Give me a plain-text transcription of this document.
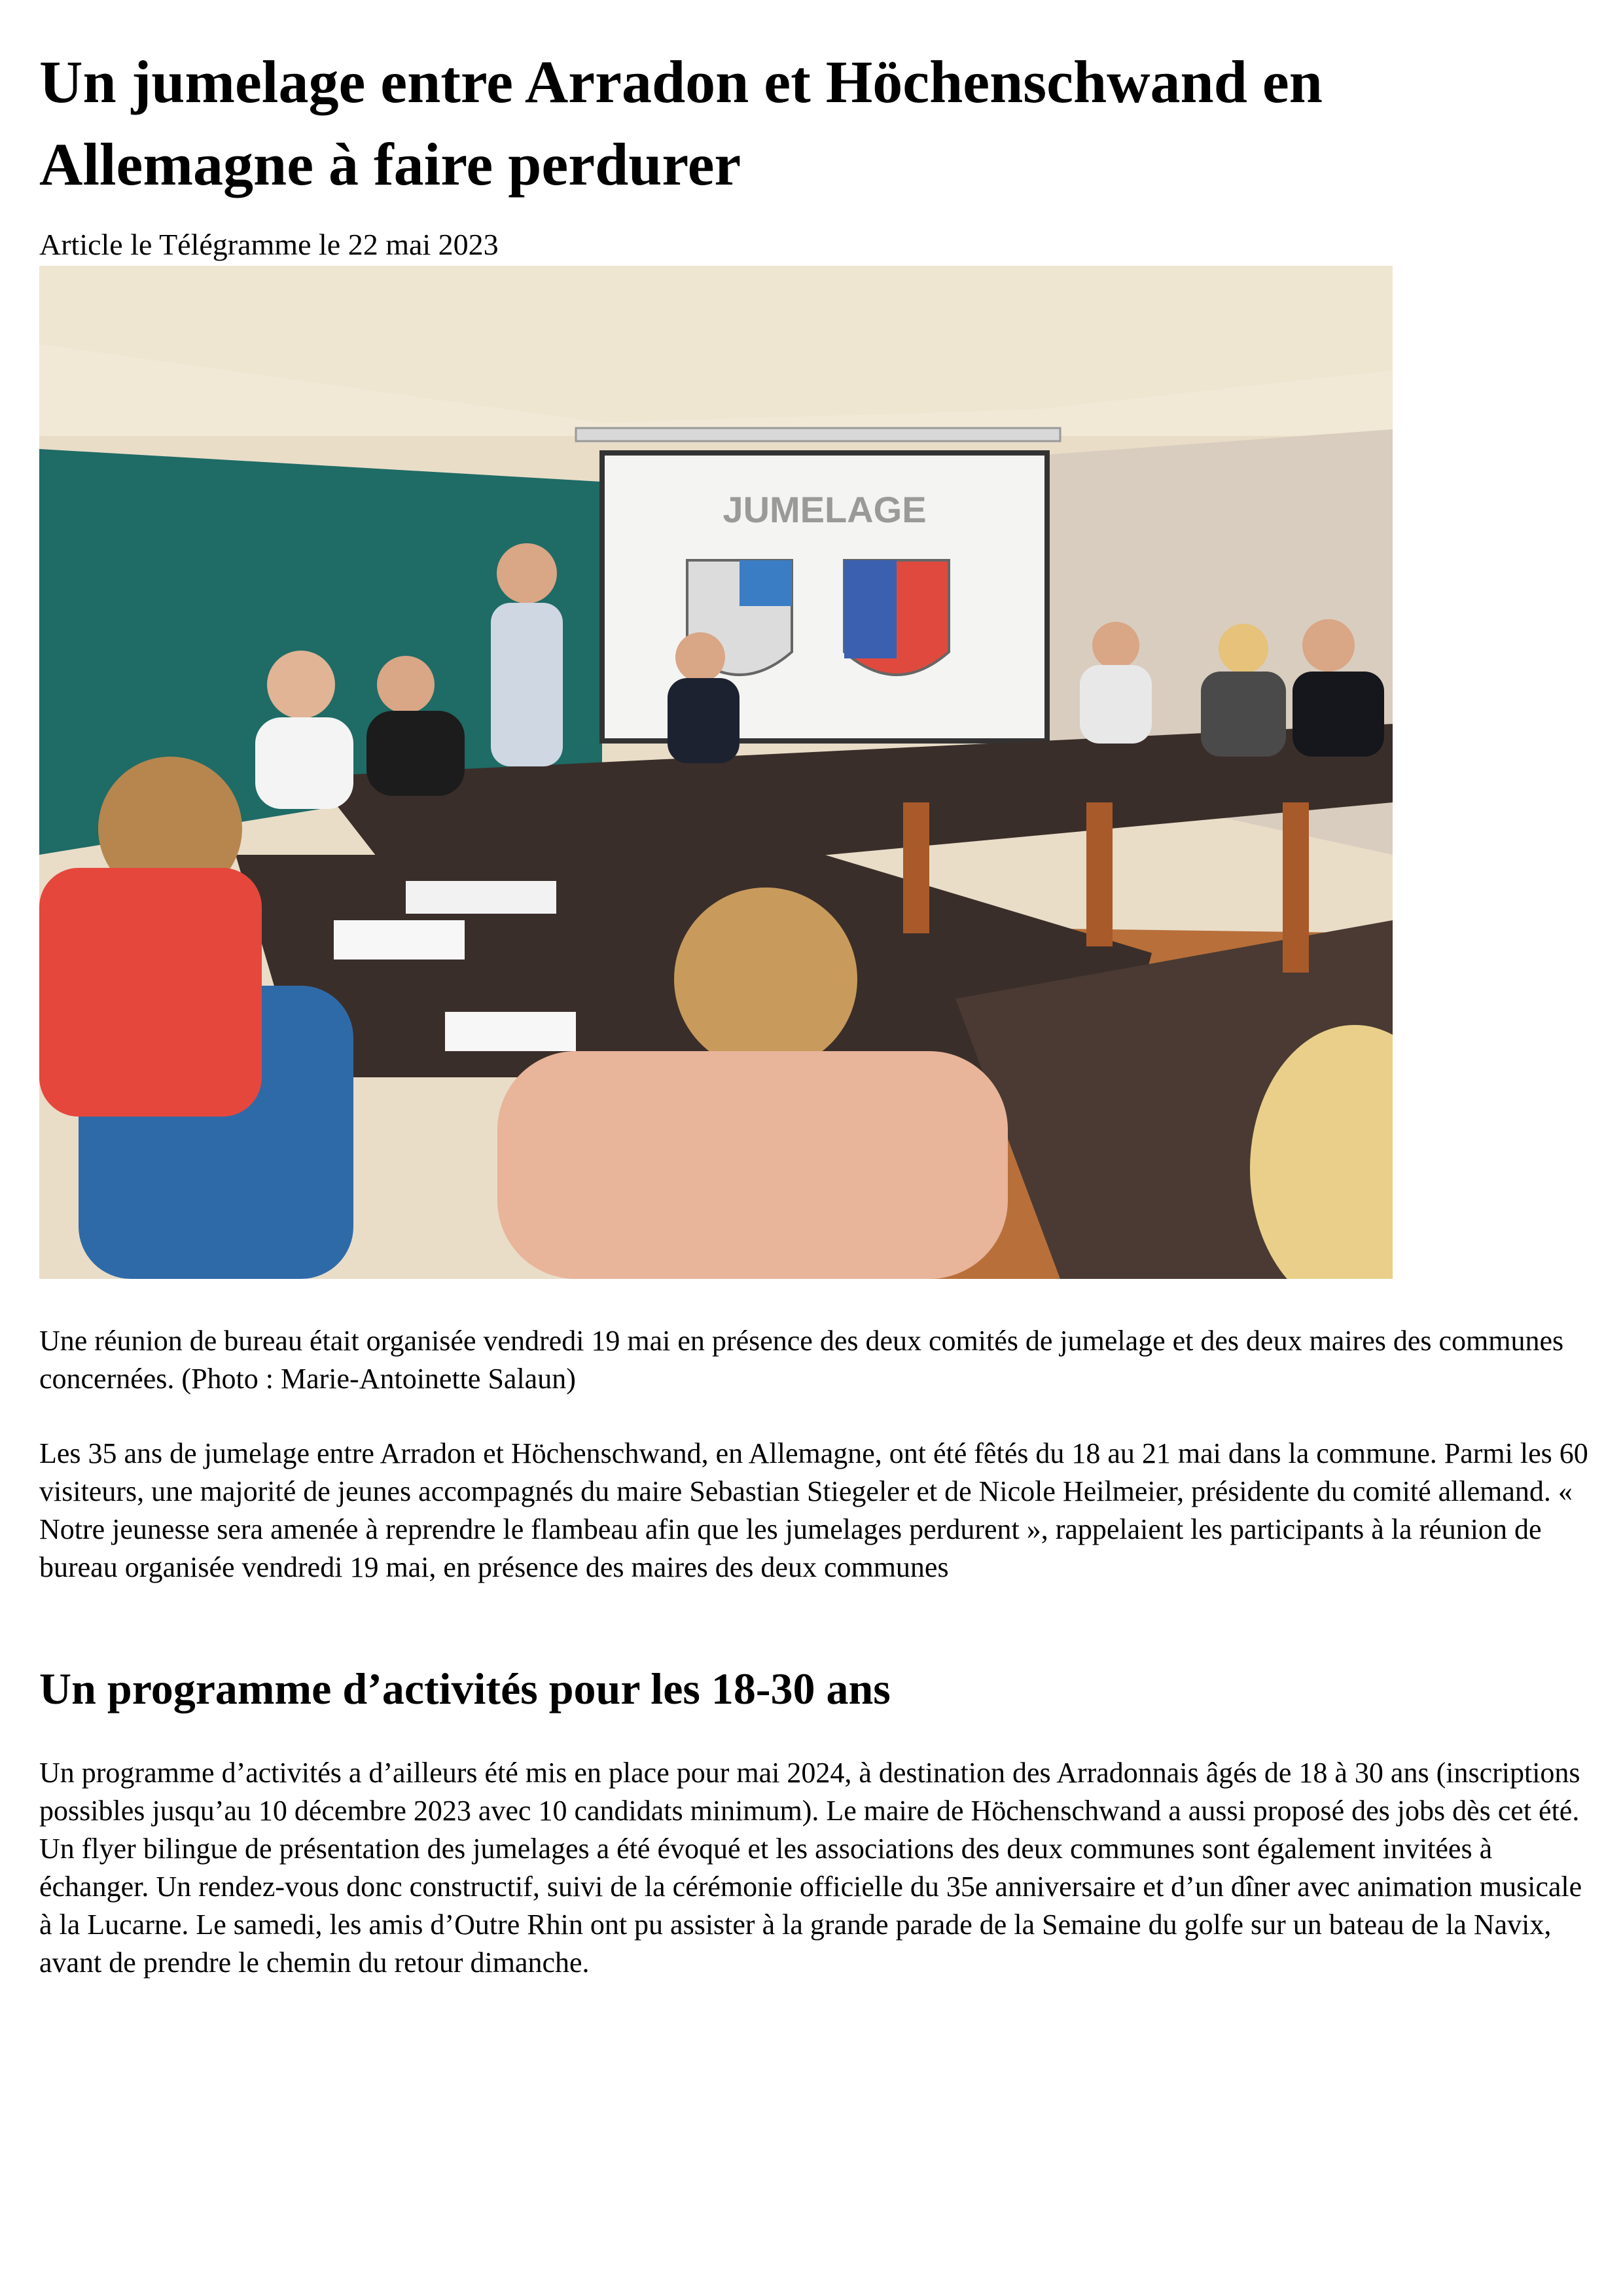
Un jumelage entre Arradon et Höchenschwand en Allemagne à faire perdurer

Article le Télégramme le 22 mai 2023

JUMELAGE

Une réunion de bureau était organisée vendredi 19 mai en présence des deux comités de jumelage et des deux maires des communes concernées. (Photo : Marie-Antoinette Salaun)

Les 35 ans de jumelage entre Arradon et Höchenschwand, en Allemagne, ont été fêtés du 18 au 21 mai dans la commune. Parmi les 60 visiteurs, une majorité de jeunes accompagnés du maire Sebastian Stiegeler et de Nicole Heilmeier, présidente du comité allemand. « Notre jeunesse sera amenée à reprendre le flambeau afin que les jumelages perdurent », rappelaient les participants à la réunion de bureau organisée vendredi 19 mai, en présence des maires des deux communes

Un programme d’activités pour les 18-30 ans

Un programme d’activités a d’ailleurs été mis en place pour mai 2024, à destination des Arradonnais âgés de 18 à 30 ans (inscriptions possibles jusqu’au 10 décembre 2023 avec 10 candidats minimum). Le maire de Höchenschwand a aussi proposé des jobs dès cet été. Un flyer bilingue de présentation des jumelages a été évoqué et les associations des deux communes sont également invitées à échanger. Un rendez-vous donc constructif, suivi de la cérémonie officielle du 35e anniversaire et d’un dîner avec animation musicale à la Lucarne. Le samedi, les amis d’Outre Rhin ont pu assister à la grande parade de la Semaine du golfe sur un bateau de la Navix, avant de prendre le chemin du retour dimanche.
